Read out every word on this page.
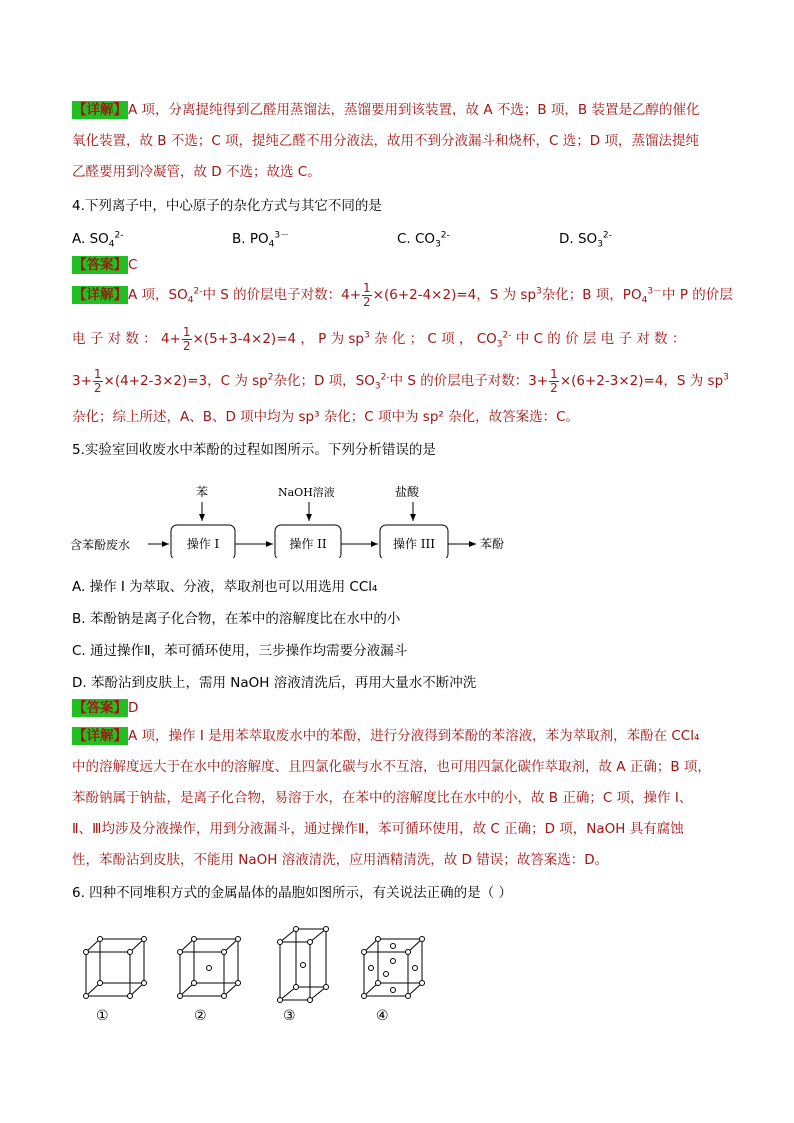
【详解】A 项，分离提纯得到乙醛用蒸馏法，蒸馏要用到该装置，故 A 不选；B 项，B 装置是乙醇的催化
氧化装置，故 B 不选；C 项，提纯乙醛不用分液法，故用不到分液漏斗和烧杯，C 选；D 项，蒸馏法提纯
乙醛要用到冷凝管，故 D 不选；故选 C。
4.下列离子中，中心原子的杂化方式与其它不同的是
A. $SO_4^{2-}$	B. $PO_4^{3-}$	C. $CO_3^{2-}$	D. $SO_3^{2-}$
【答案】C
【详解】A 项，$SO_4^{2-}$中 S 的价层电子对数：$4+ \frac{1}{2} \times(6+2-4\times 2)=4$，S 为 $sp^3$杂化；B 项，$PO_4^{3-}$中 P 的价层
电 子 对 数 ： $4+ \frac{1}{2} \times(5+3-4\times 2)=4$ ， P 为 $sp^3$ 杂 化 ； C 项 ， $CO_3^{2-}$ 中 C 的 价 层 电 子 对 数 ：
$3+ \frac{1}{2} \times(4+2-3\times 2)=3$，C 为 $sp^2$杂化；D 项，$SO_3^{2-}$中 S 的价层电子对数：$3+ \frac{1}{2} \times(6+2-3\times 2)=4$，S 为 $sp^3$
杂化；综上所述，A、B、D 项中均为 sp³ 杂化；C 项中为 sp² 杂化，故答案选：C。
5.实验室回收废水中苯酚的过程如图所示。下列分析错误的是
苯	NaOH溶液	盐酸
含苯酚废水	操作 I	操作 II	操作 III	苯酚
A. 操作 I 为萃取、分液，萃取剂也可以用选用 CCl₄
B. 苯酚钠是离子化合物，在苯中的溶解度比在水中的小
C. 通过操作Ⅱ，苯可循环使用，三步操作均需要分液漏斗
D. 苯酚沾到皮肤上，需用 NaOH 溶液清洗后，再用大量水不断冲洗
【答案】D
【详解】A 项，操作 I 是用苯萃取废水中的苯酚，进行分液得到苯酚的苯溶液，苯为萃取剂，苯酚在 CCl₄
中的溶解度远大于在水中的溶解度、且四氯化碳与水不互溶，也可用四氯化碳作萃取剂，故 A 正确；B 项，
苯酚钠属于钠盐，是离子化合物，易溶于水，在苯中的溶解度比在水中的小，故 B 正确；C 项，操作 Ⅰ、
Ⅱ、Ⅲ均涉及分液操作，用到分液漏斗，通过操作Ⅱ，苯可循环使用，故 C 正确；D 项，NaOH 具有腐蚀
性，苯酚沾到皮肤，不能用 NaOH 溶液清洗，应用酒精清洗，故 D 错误；故答案选：D。
6. 四种不同堆积方式的金属晶体的晶胞如图所示，有关说法正确的是（ ）
①	②	③	④
